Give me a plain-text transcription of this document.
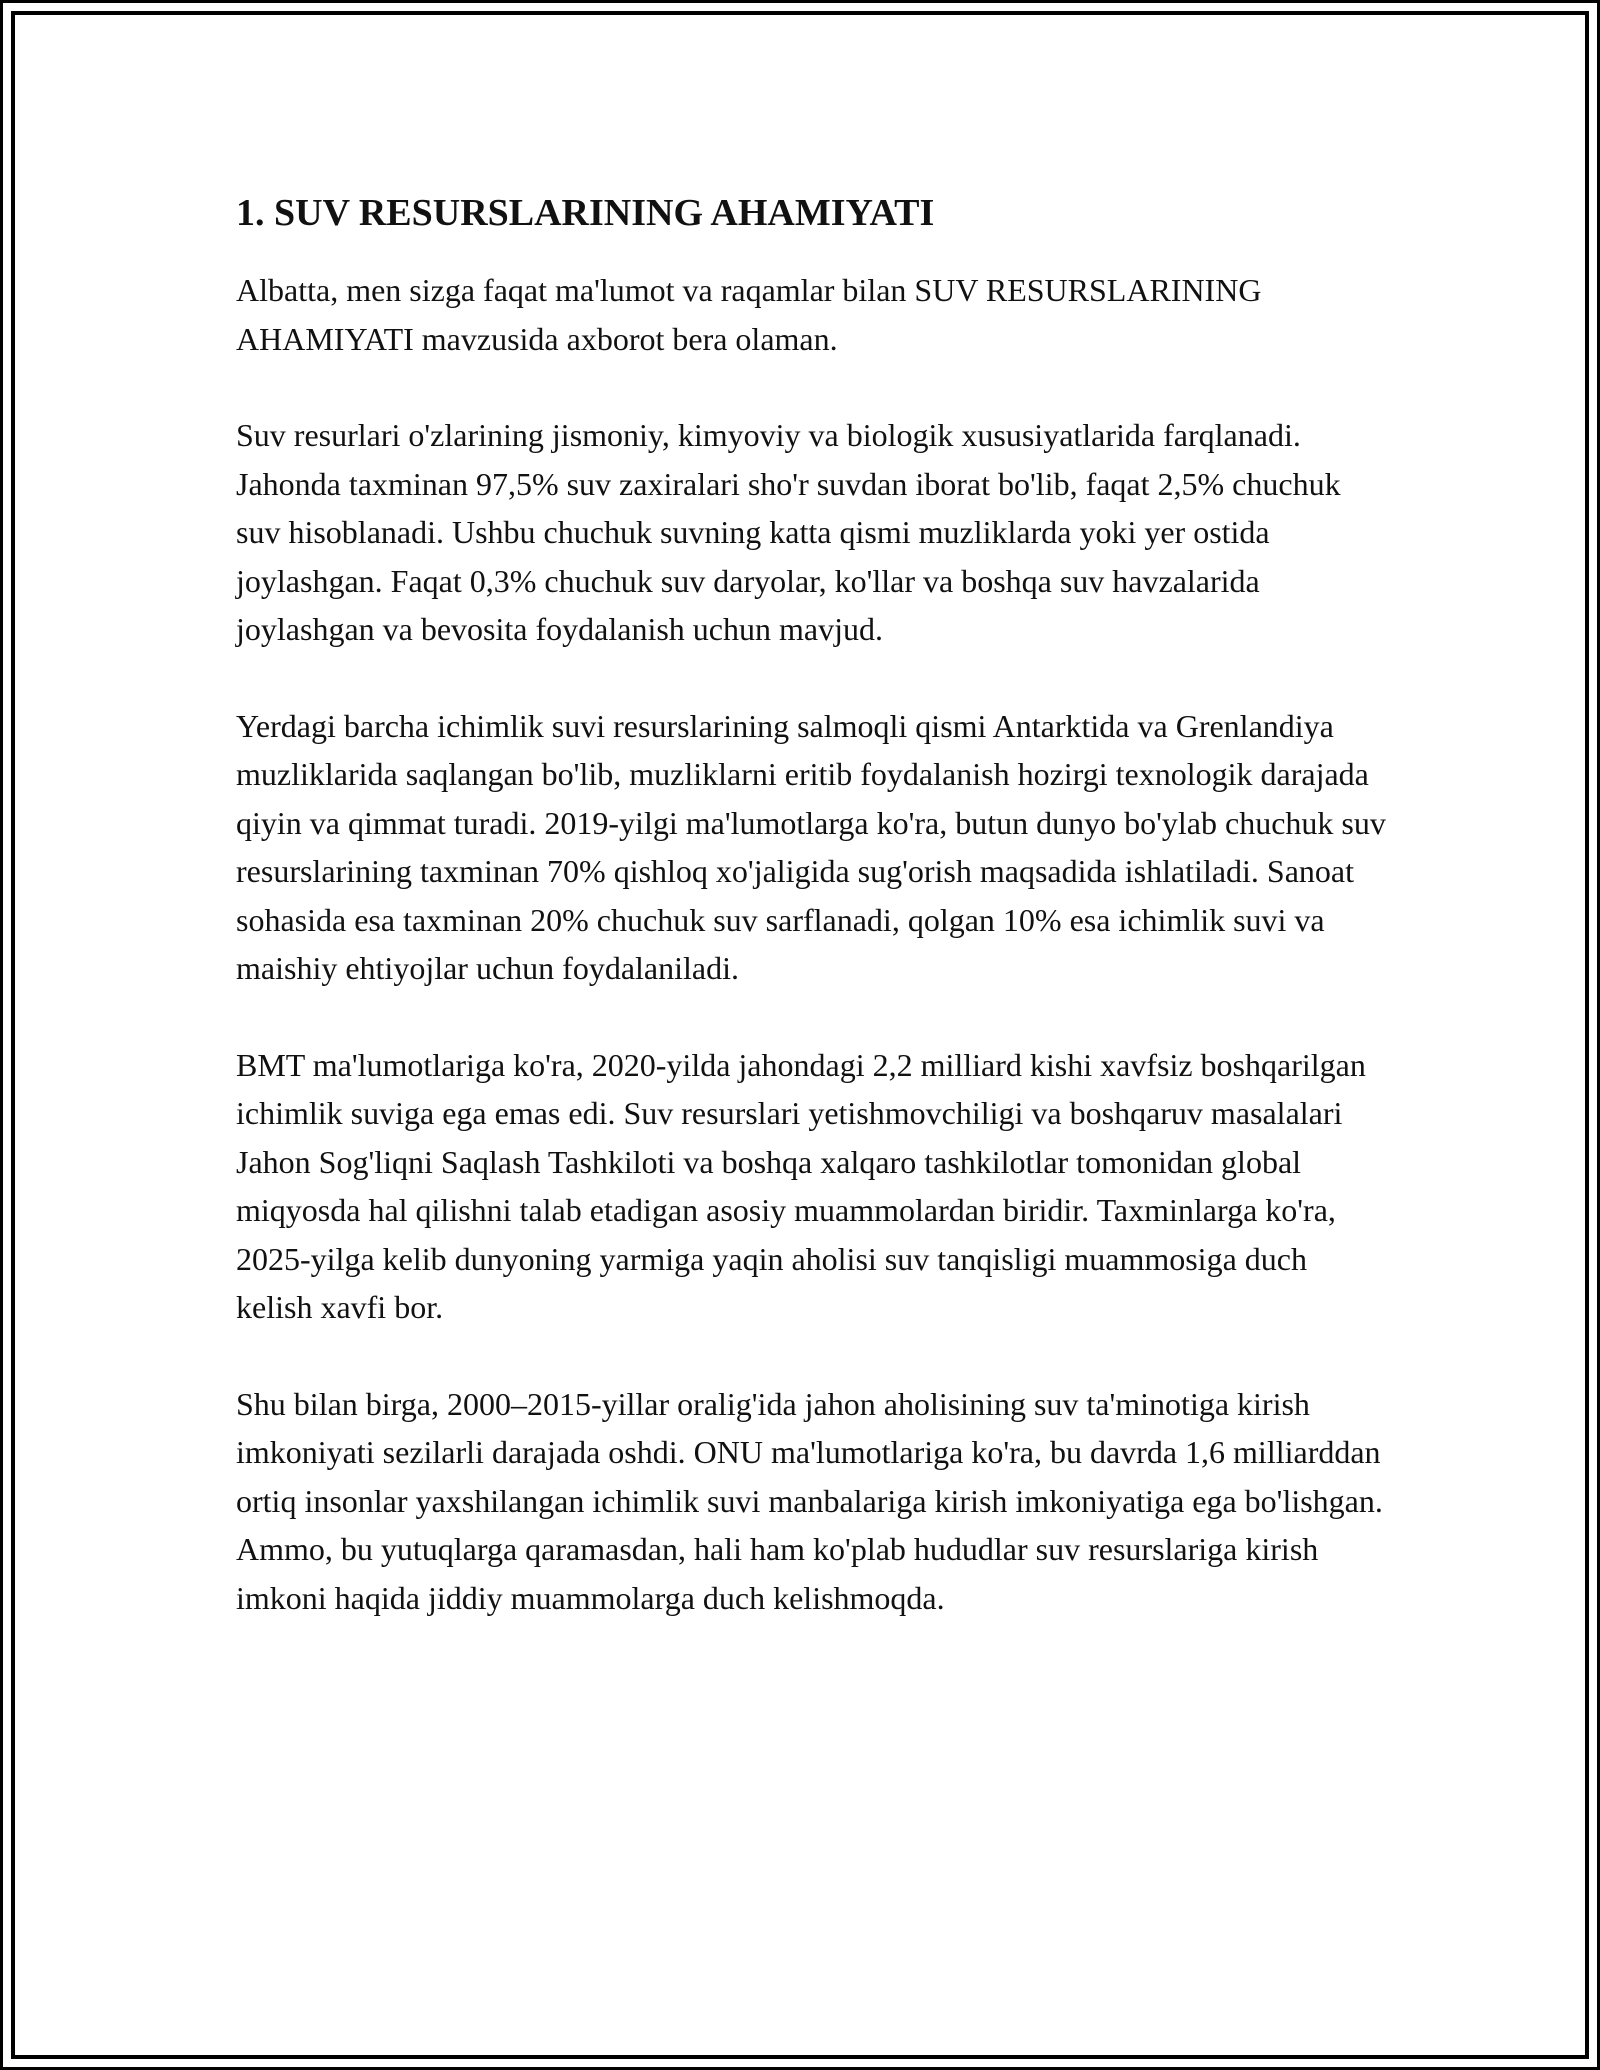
1. SUV RESURSLARINING AHAMIYATI

Albatta, men sizga faqat ma'lumot va raqamlar bilan SUV RESURSLARINING AHAMIYATI mavzusida axborot bera olaman.

Suv resurlari o'zlarining jismoniy, kimyoviy va biologik xususiyatlarida farqlanadi. Jahonda taxminan 97,5% suv zaxiralari sho'r suvdan iborat bo'lib, faqat 2,5% chuchuk suv hisoblanadi. Ushbu chuchuk suvning katta qismi muzliklarda yoki yer ostida joylashgan. Faqat 0,3% chuchuk suv daryolar, ko'llar va boshqa suv havzalarida joylashgan va bevosita foydalanish uchun mavjud.

Yerdagi barcha ichimlik suvi resurslarining salmoqli qismi Antarktida va Grenlandiya muzliklarida saqlangan bo'lib, muzliklarni eritib foydalanish hozirgi texnologik darajada qiyin va qimmat turadi. 2019-yilgi ma'lumotlarga ko'ra, butun dunyo bo'ylab chuchuk suv resurslarining taxminan 70% qishloq xo'jaligida sug'orish maqsadida ishlatiladi. Sanoat sohasida esa taxminan 20% chuchuk suv sarflanadi, qolgan 10% esa ichimlik suvi va maishiy ehtiyojlar uchun foydalaniladi.

BMT ma'lumotlariga ko'ra, 2020-yilda jahondagi 2,2 milliard kishi xavfsiz boshqarilgan ichimlik suviga ega emas edi. Suv resurslari yetishmovchiligi va boshqaruv masalalari Jahon Sog'liqni Saqlash Tashkiloti va boshqa xalqaro tashkilotlar tomonidan global miqyosda hal qilishni talab etadigan asosiy muammolardan biridir. Taxminlarga ko'ra, 2025-yilga kelib dunyoning yarmiga yaqin aholisi suv tanqisligi muammosiga duch kelish xavfi bor.

Shu bilan birga, 2000–2015-yillar oralig'ida jahon aholisining suv ta'minotiga kirish imkoniyati sezilarli darajada oshdi. ONU ma'lumotlariga ko'ra, bu davrda 1,6 milliarddan ortiq insonlar yaxshilangan ichimlik suvi manbalariga kirish imkoniyatiga ega bo'lishgan. Ammo, bu yutuqlarga qaramasdan, hali ham ko'plab hududlar suv resurslariga kirish imkoni haqida jiddiy muammolarga duch kelishmoqda.
